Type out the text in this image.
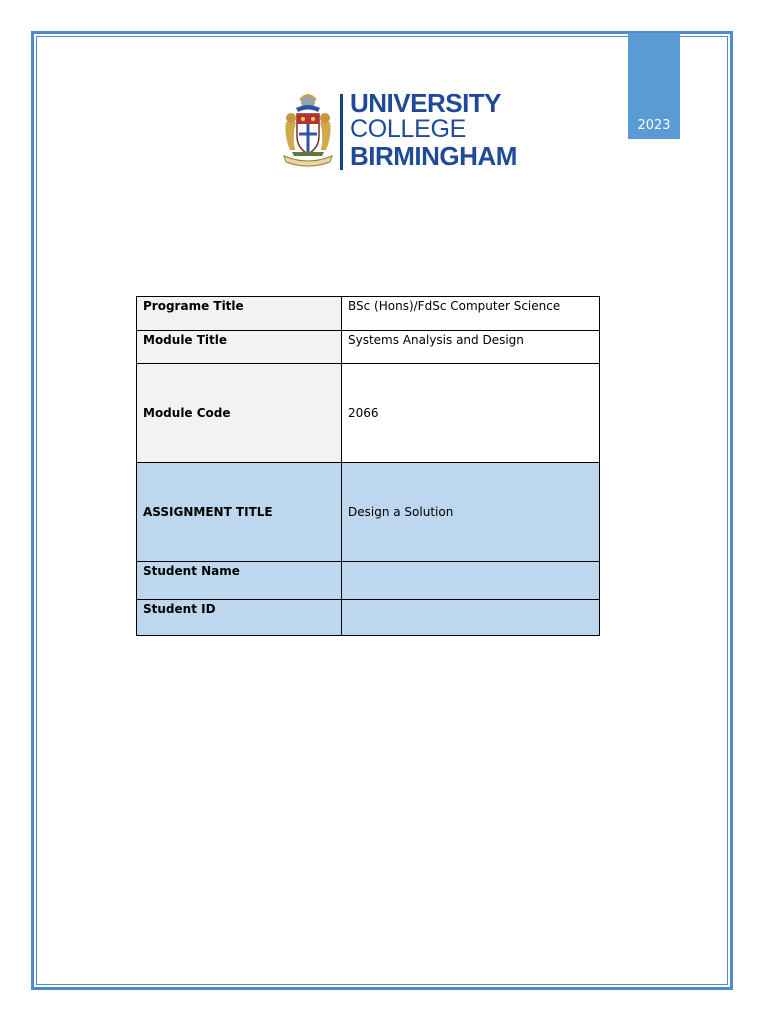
2023
UNIVERSITY
COLLEGE
BIRMINGHAM
Programe Title	BSc (Hons)/FdSc Computer Science
Module Title	Systems Analysis and Design
Module Code	2066
ASSIGNMENT TITLE	Design a Solution
Student Name	
Student ID	
